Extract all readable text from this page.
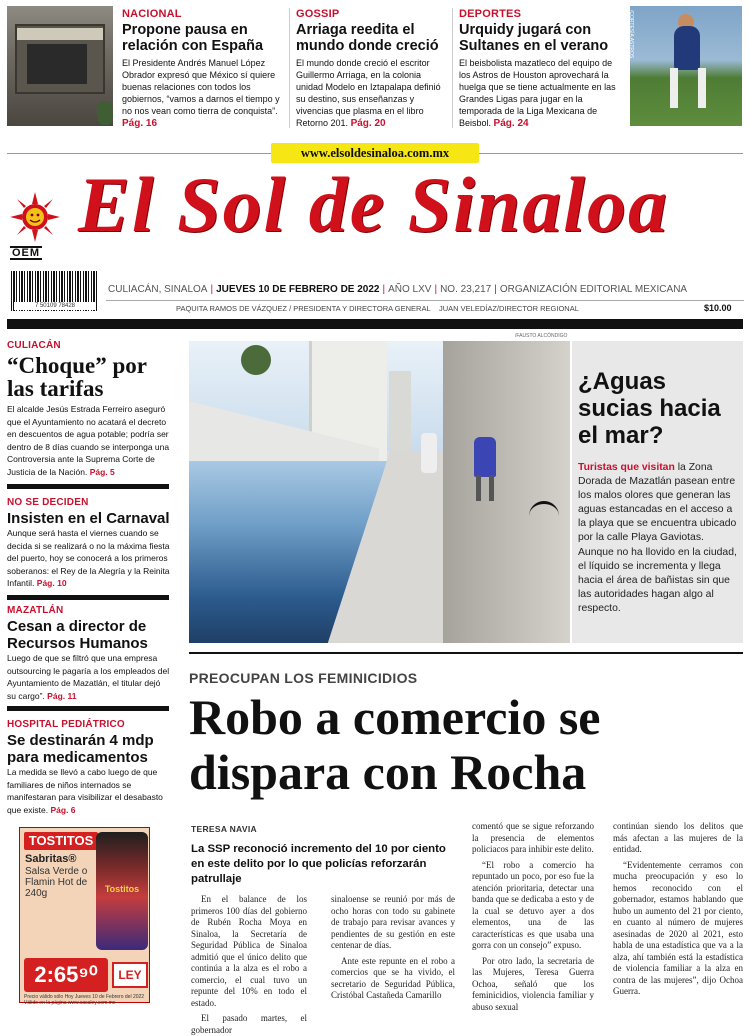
NACIONAL
Propone pausa en relación con España
El Presidente Andrés Manuel López Obrador expresó que México sí quiere buenas relaciones con todos los gobiernos, “vamos a darnos el tiempo y no nos vean como tierra de conquista”. Pág. 16
GOSSIP
Arriaga reedita el mundo donde creció
El mundo donde creció el escritor Guillermo Arriaga, en la colonia unidad Modelo en Iztapalapa definió su destino, sus enseñanzas y vivencias que plasma en el libro Retorno 201. Pág. 20
DEPORTES
Urquidy jugará con Sultanes en el verano
El beisbolista mazatleco del equipo de los Astros de Houston aprovechará la huelga que se tiene actualmente en las Grandes Ligas para jugar en la temporada de la Liga Mexicana de Beisbol. Pág. 24
/CORTESÍA ASTROS
www.elsoldesinaloa.com.mx
OEM
El Sol de Sinaloa
7 50109 78428
CULIACÁN, SINALOA | JUEVES 10 DE FEBRERO DE 2022 | AÑO LXV | NO. 23,217 | ORGANIZACIÓN EDITORIAL MEXICANA
PAQUITA RAMOS DE VÁZQUEZ / PRESIDENTA Y DIRECTORA GENERAL JUAN VELEDÍAZ/DIRECTOR REGIONAL	$10.00
CULIACÁN
“Choque” por las tarifas
El alcalde Jesús Estrada Ferreiro aseguró que el Ayuntamiento no acatará el decreto en descuentos de agua potable; podría ser dentro de 8 días cuando se interponga una Controversia ante la Suprema Corte de Justicia de la Nación. Pág. 5
NO SE DECIDEN
Insisten en el Carnaval
Aunque será hasta el viernes cuando se decida si se realizará o no la máxima fiesta del puerto, hoy se conocerá a los primeros soberanos: el Rey de la Alegría y la Reinita Infantil. Pág. 10
MAZATLÁN
Cesan a director de Recursos Humanos
Luego de que se filtró que una empresa outsourcing le pagaría a los empleados del Ayuntamiento de Mazatlán, el titular dejó su cargo”. Pág. 11
HOSPITAL PEDIÁTRICO
Se destinarán 4 mdp para medicamentos
La medida se llevó a cabo luego de que familiares de niños internados se manifestaran para visibilizar el desabasto que existe. Pág. 6
TOSTITOS
Sabritas®
Salsa Verde o Flamin Hot de 240g	Tostitos
2:65⁹⁰	LEY
Precio válido sólo Hoy Jueves 10 de Febrero del 2022 Válido en la página www.casaley.com.mx
/FAUSTO ALCÓNDIGO
¿Aguas sucias hacia el mar?
Turistas que visitan la Zona Dorada de Mazatlán pasean entre los malos olores que generan las aguas estancadas en el acceso a la playa que se encuentra ubicado por la calle Playa Gaviotas. Aunque no ha llovido en la ciudad, el líquido se incrementa y llega hacia el área de bañistas sin que las autoridades hagan algo al respecto.
PREOCUPAN LOS FEMINICIDIOS
Robo a comercio se dispara con Rocha
TERESA NAVIA
La SSP reconoció incremento del 10 por ciento en este delito por lo que policías reforzarán patrullaje

En el balance de los primeros 100 días del gobierno de Rubén Rocha Moya en Sinaloa, la Secretaría de Seguridad Pública de Sinaloa admitió que el único delito que continúa a la alza es el robo a comercio, el cual tuvo un repunte del 10% en todo el estado.

El pasado martes, el gobernador

sinaloense se reunió por más de ocho horas con todo su gabinete de trabajo para revisar avances y pendientes de su gestión en este centenar de días.

Ante este repunte en el robo a comercios que se ha vivido, el secretario de Seguridad Pública, Cristóbal Castañeda Camarillo

comentó que se sigue reforzando la presencia de elementos policiacos para inhibir este delito.

“El robo a comercio ha repuntado un poco, por eso fue la atención prioritaria, detectar una banda que se dedicaba a esto y de la cual se detuvo ayer a dos elementos, una de las características es que usaba una gorra con un consejo” expuso.

Por otro lado, la secretaria de las Mujeres, Teresa Guerra Ochoa, señaló que los feminicidios, violencia familiar y abuso sexual

continúan siendo los delitos que más afectan a las mujeres de la entidad.

“Evidentemente cerramos con mucha preocupación y eso lo hemos reconocido con el gobernador, estamos hablando que hubo un aumento del 21 por ciento, en cuanto al número de mujeres asesinadas de 2020 al 2021, esto habla de una estadística que va a la alza, ahí también está la estadística de violencia familiar a la alza en contra de las mujeres”, dijo Ochoa Guerra.
